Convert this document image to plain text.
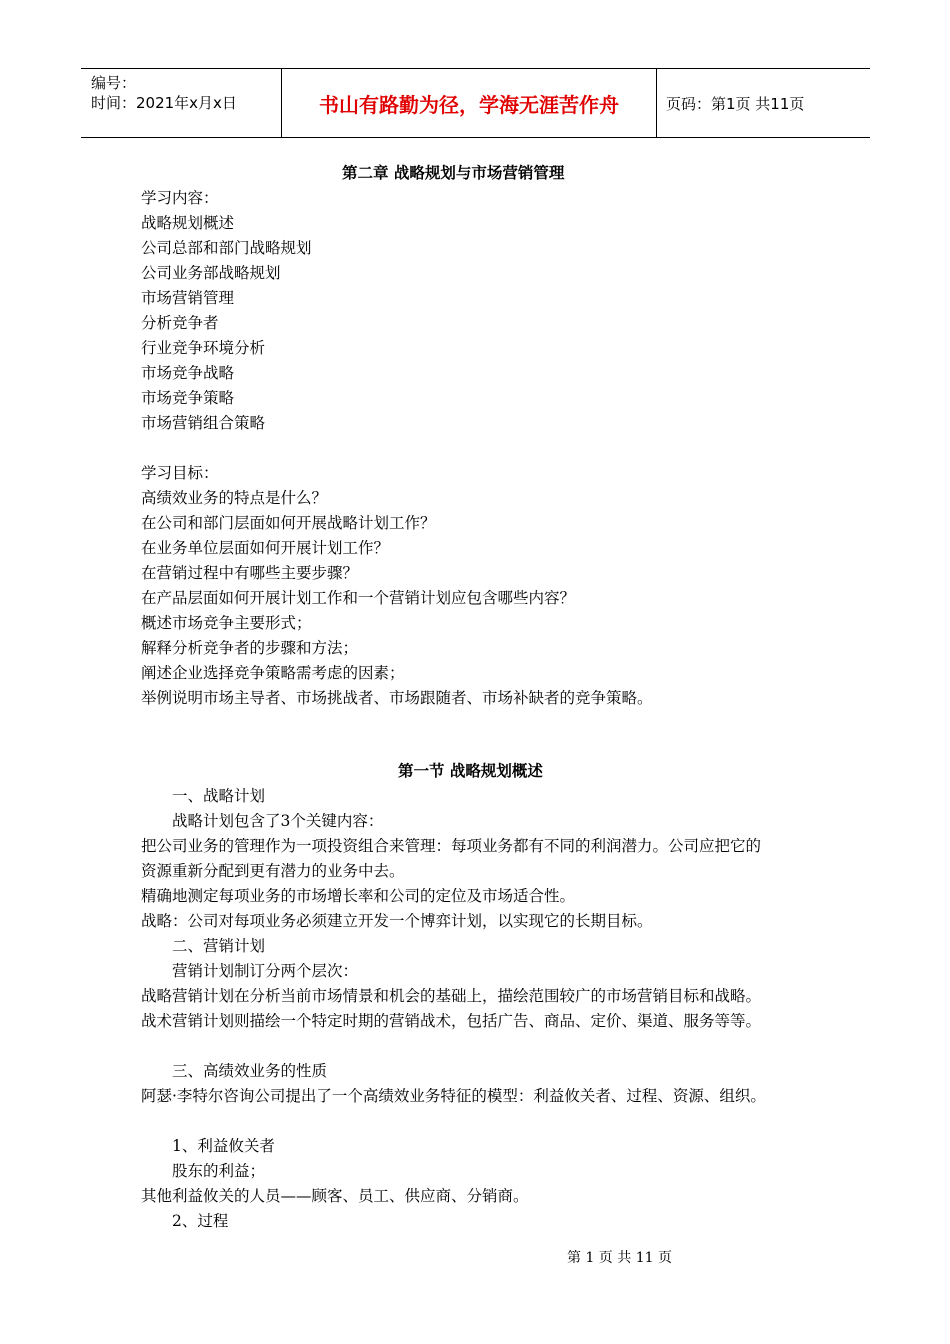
编号：
时间：2021年x月x日	书山有路勤为径，学海无涯苦作舟	页码：第1页 共11页
第二章 战略规划与市场营销管理
学习内容：
战略规划概述
公司总部和部门战略规划
公司业务部战略规划
市场营销管理
分析竞争者
行业竞争环境分析
市场竞争战略
市场竞争策略
市场营销组合策略
学习目标：
高绩效业务的特点是什么？
在公司和部门层面如何开展战略计划工作？
在业务单位层面如何开展计划工作？
在营销过程中有哪些主要步骤？
在产品层面如何开展计划工作和一个营销计划应包含哪些内容？
概述市场竞争主要形式；
解释分析竞争者的步骤和方法；
阐述企业选择竞争策略需考虑的因素；
举例说明市场主导者、市场挑战者、市场跟随者、市场补缺者的竞争策略。
第一节 战略规划概述
一、战略计划
战略计划包含了3个关键内容：
把公司业务的管理作为一项投资组合来管理：每项业务都有不同的利润潜力。公司应把它的
资源重新分配到更有潜力的业务中去。
精确地测定每项业务的市场增长率和公司的定位及市场适合性。
战略：公司对每项业务必须建立开发一个博弈计划，以实现它的长期目标。
二、营销计划
营销计划制订分两个层次：
战略营销计划在分析当前市场情景和机会的基础上，描绘范围较广的市场营销目标和战略。
战术营销计划则描绘一个特定时期的营销战术，包括广告、商品、定价、渠道、服务等等。
三、高绩效业务的性质
阿瑟·李特尔咨询公司提出了一个高绩效业务特征的模型：利益攸关者、过程、资源、组织。
1、利益攸关者
股东的利益；
其他利益攸关的人员——顾客、员工、供应商、分销商。
2、过程
第 1 页 共 11 页
